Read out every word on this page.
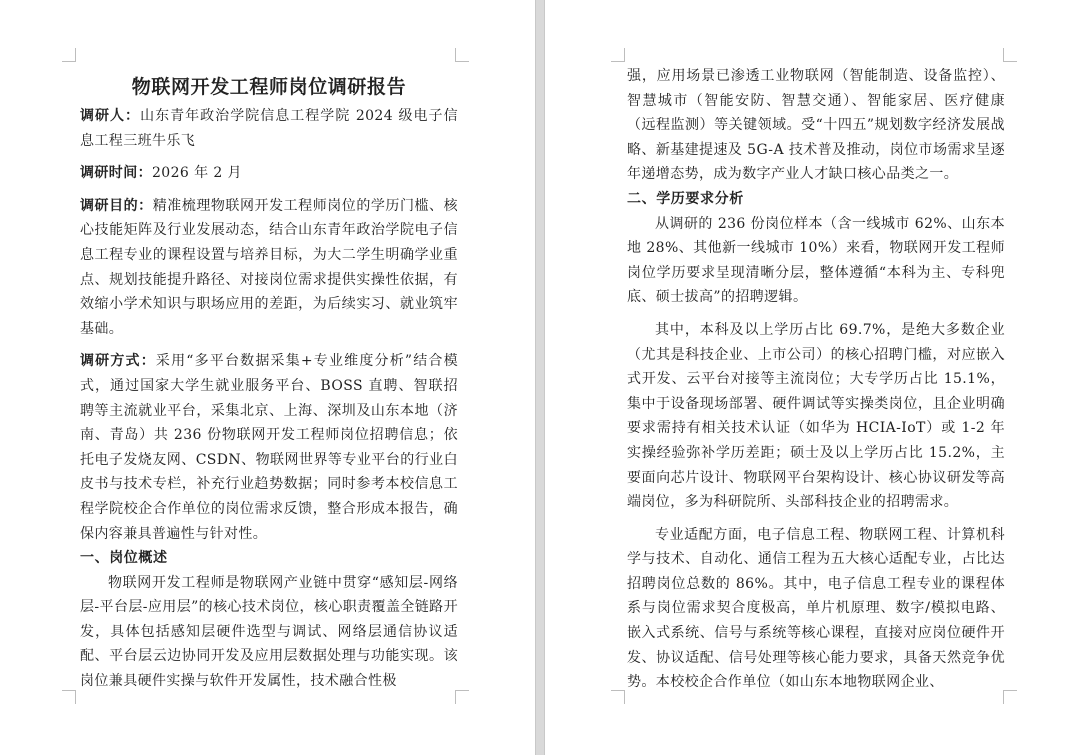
物联网开发工程师岗位调研报告

调研人：山东青年政治学院信息工程学院 2024 级电子信息工程三班牛乐飞

调研时间：2026 年 2 月

调研目的：精准梳理物联网开发工程师岗位的学历门槛、核心技能矩阵及行业发展动态，结合山东青年政治学院电子信息工程专业的课程设置与培养目标，为大二学生明确学业重点、规划技能提升路径、对接岗位需求提供实操性依据，有效缩小学术知识与职场应用的差距，为后续实习、就业筑牢基础。

调研方式：采用“多平台数据采集+专业维度分析”结合模式，通过国家大学生就业服务平台、BOSS 直聘、智联招聘等主流就业平台，采集北京、上海、深圳及山东本地（济南、青岛）共 236 份物联网开发工程师岗位招聘信息；依托电子发烧友网、CSDN、物联网世界等专业平台的行业白皮书与技术专栏，补充行业趋势数据；同时参考本校信息工程学院校企合作单位的岗位需求反馈，整合形成本报告，确保内容兼具普遍性与针对性。

一、岗位概述

物联网开发工程师是物联网产业链中贯穿“感知层-网络层-平台层-应用层”的核心技术岗位，核心职责覆盖全链路开发，具体包括感知层硬件选型与调试、网络层通信协议适配、平台层云边协同开发及应用层数据处理与功能实现。该岗位兼具硬件实操与软件开发属性，技术融合性极

强，应用场景已渗透工业物联网（智能制造、设备监控）、智慧城市（智能安防、智慧交通）、智能家居、医疗健康（远程监测）等关键领域。受“十四五”规划数字经济发展战略、新基建提速及 5G-A 技术普及推动，岗位市场需求呈逐年递增态势，成为数字产业人才缺口核心品类之一。

二、学历要求分析

从调研的 236 份岗位样本（含一线城市 62%、山东本地 28%、其他新一线城市 10%）来看，物联网开发工程师岗位学历要求呈现清晰分层，整体遵循“本科为主、专科兜底、硕士拔高”的招聘逻辑。

其中，本科及以上学历占比 69.7%，是绝大多数企业（尤其是科技企业、上市公司）的核心招聘门槛，对应嵌入式开发、云平台对接等主流岗位；大专学历占比 15.1%，集中于设备现场部署、硬件调试等实操类岗位，且企业明确要求需持有相关技术认证（如华为 HCIA-IoT）或 1-2 年实操经验弥补学历差距；硕士及以上学历占比 15.2%，主要面向芯片设计、物联网平台架构设计、核心协议研发等高端岗位，多为科研院所、头部科技企业的招聘需求。

专业适配方面，电子信息工程、物联网工程、计算机科学与技术、自动化、通信工程为五大核心适配专业，占比达招聘岗位总数的 86%。其中，电子信息工程专业的课程体系与岗位需求契合度极高，单片机原理、数字/模拟电路、嵌入式系统、信号与系统等核心课程，直接对应岗位硬件开发、协议适配、信号处理等核心能力要求，具备天然竞争优势。本校校企合作单位（如山东本地物联网企业、
